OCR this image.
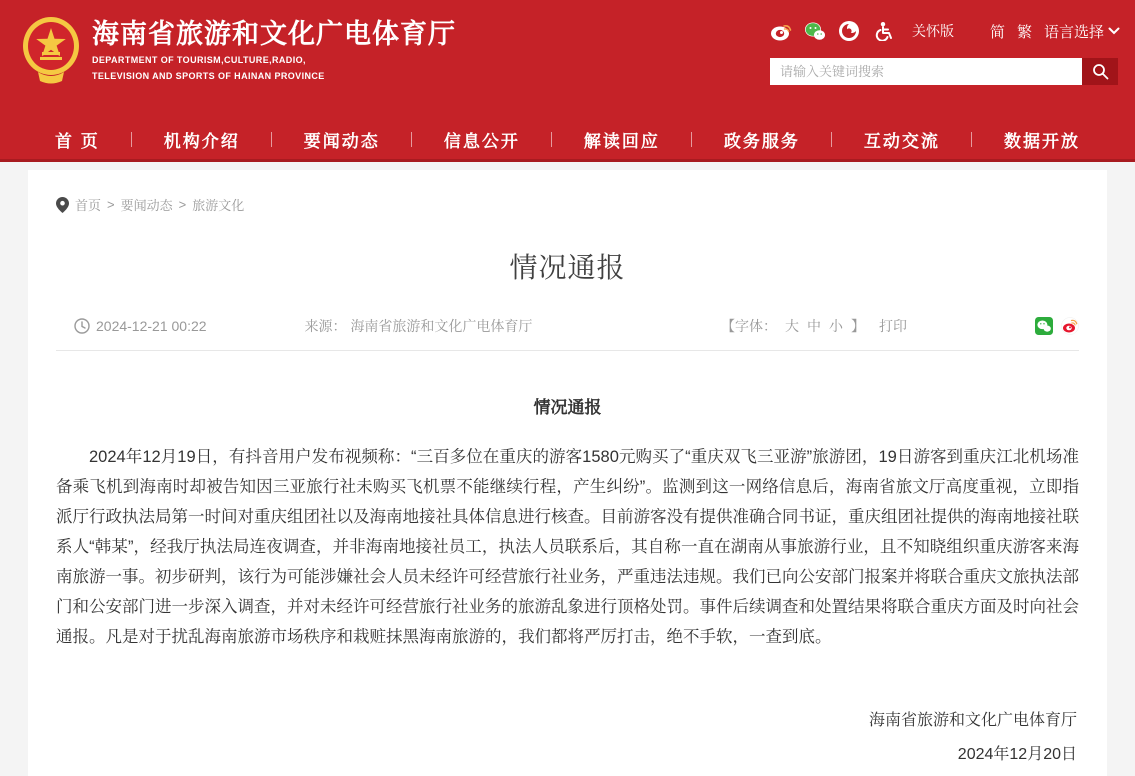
海南省旅游和文化广电体育厅
DEPARTMENT OF TOURISM,CULTURE,RADIO,
TELEVISION AND SPORTS OF HAINAN PROVINCE
关怀版 简 繁 语言选择
请输入关键词搜索
首 页	机构介绍	要闻动态	信息公开	解读回应	政务服务	互动交流	数据开放
首页 > 要闻动态 > 旅游文化
情况通报
2024-12-21 00:22	来源： 海南省旅游和文化广电体育厅	【字体： 大 中 小 】 打印
情况通报

2024年12月19日，有抖音用户发布视频称：“三百多位在重庆的游客1580元购买了“重庆双飞三亚游”旅游团，19日游客到重庆江北机场准备乘飞机到海南时却被告知因三亚旅行社未购买飞机票不能继续行程，产生纠纷”。监测到这一网络信息后，海南省旅文厅高度重视，立即指派厅行政执法局第一时间对重庆组团社以及海南地接社具体信息进行核查。目前游客没有提供准确合同书证，重庆组团社提供的海南地接社联系人“韩某”，经我厅执法局连夜调查，并非海南地接社员工，执法人员联系后，其自称一直在湖南从事旅游行业，且不知晓组织重庆游客来海南旅游一事。初步研判，该行为可能涉嫌社会人员未经许可经营旅行社业务，严重违法违规。我们已向公安部门报案并将联合重庆文旅执法部门和公安部门进一步深入调查，并对未经许可经营旅行社业务的旅游乱象进行顶格处罚。事件后续调查和处置结果将联合重庆方面及时向社会通报。凡是对于扰乱海南旅游市场秩序和栽赃抹黑海南旅游的，我们都将严厉打击，绝不手软，一查到底。

海南省旅游和文化广电体育厅
2024年12月20日
